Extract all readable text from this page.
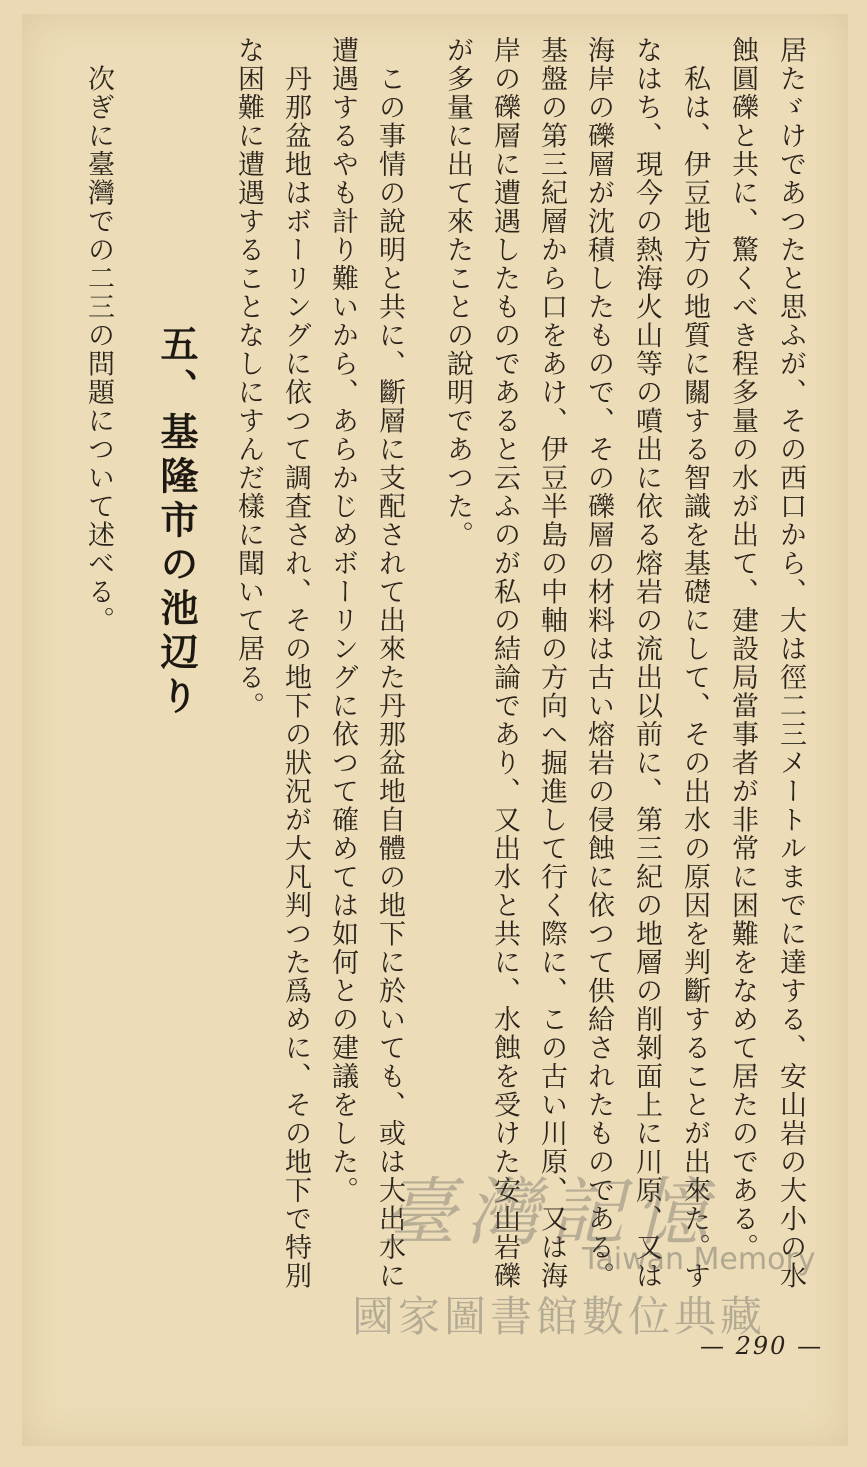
居たゞけであつたと思ふが、その西口から、大は徑二三メートルまでに達する、安山岩の大小の水

蝕圓礫と共に、驚くべき程多量の水が出て、建設局當事者が非常に困難をなめて居たのである。

　私は、伊豆地方の地質に關する智識を基礎にして、その出水の原因を判斷することが出來た。す

なはち、現今の熱海火山等の噴出に依る熔岩の流出以前に、第三紀の地層の削剝面上に川原、又は

海岸の礫層が沈積したもので、その礫層の材料は古い熔岩の侵蝕に依つて供給されたものである。

基盤の第三紀層から口をあけ、伊豆半島の中軸の方向へ掘進して行く際に、この古い川原、又は海

岸の礫層に遭遇したものであると云ふのが私の結論であり、又出水と共に、水蝕を受けた安山岩礫

が多量に出て來たことの說明であつた。

　この事情の說明と共に、斷層に支配されて出來た丹那盆地自體の地下に於いても、或は大出水に

遭遇するやも計り難いから、あらかじめボーリングに依つて確めては如何との建議をした。

　丹那盆地はボーリングに依つて調査され、その地下の狀況が大凡判つた爲めに、その地下で特別

な困難に遭遇することなしにすんだ樣に聞いて居る。

五、基隆市の池辺り

　次ぎに臺灣での二三の問題について述べる。

— 290 —

臺灣記憶

Taiwan Memory

國家圖書館數位典藏
